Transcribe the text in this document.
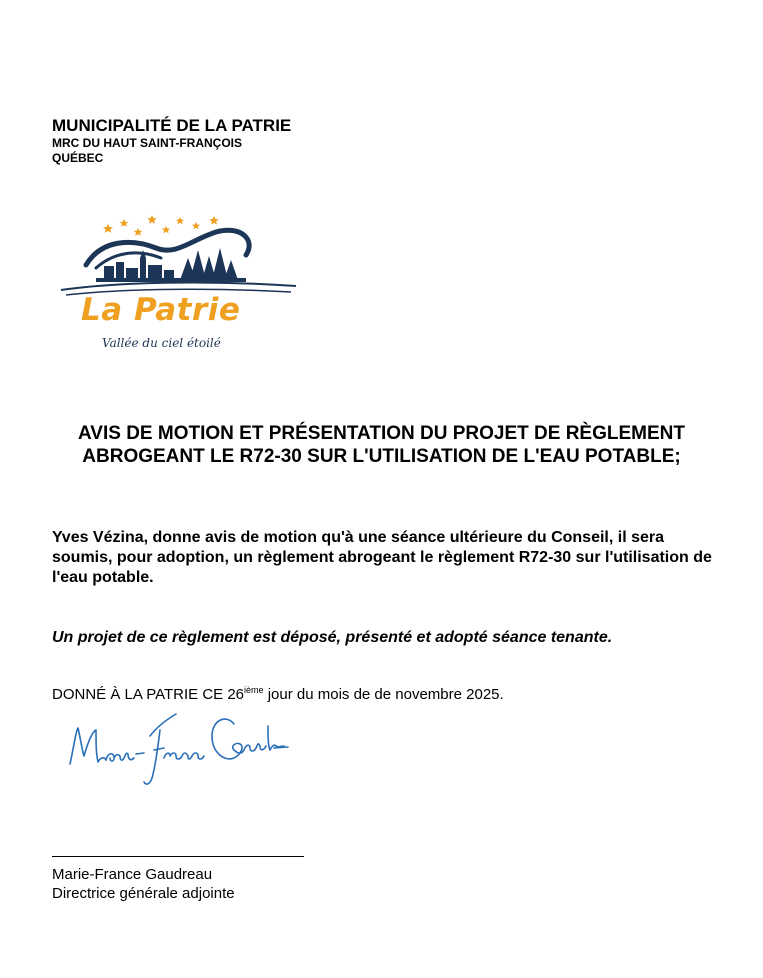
MUNICIPALITÉ DE LA PATRIE
MRC DU HAUT SAINT-FRANÇOIS
QUÉBEC
La Patrie
Vallée du ciel étoilé
AVIS DE MOTION ET PRÉSENTATION DU PROJET DE RÈGLEMENT
ABROGEANT LE R72-30 SUR L'UTILISATION DE L'EAU POTABLE;
Yves Vézina, donne avis de motion qu'à une séance ultérieure du Conseil, il sera soumis, pour adoption, un règlement abrogeant le règlement R72-30 sur l'utilisation de l'eau potable.
Un projet de ce règlement est déposé, présenté et adopté séance tenante.
DONNÉ À LA PATRIE CE 26ième jour du mois de de novembre 2025.
Marie-France Gaudreau
Directrice générale adjointe
